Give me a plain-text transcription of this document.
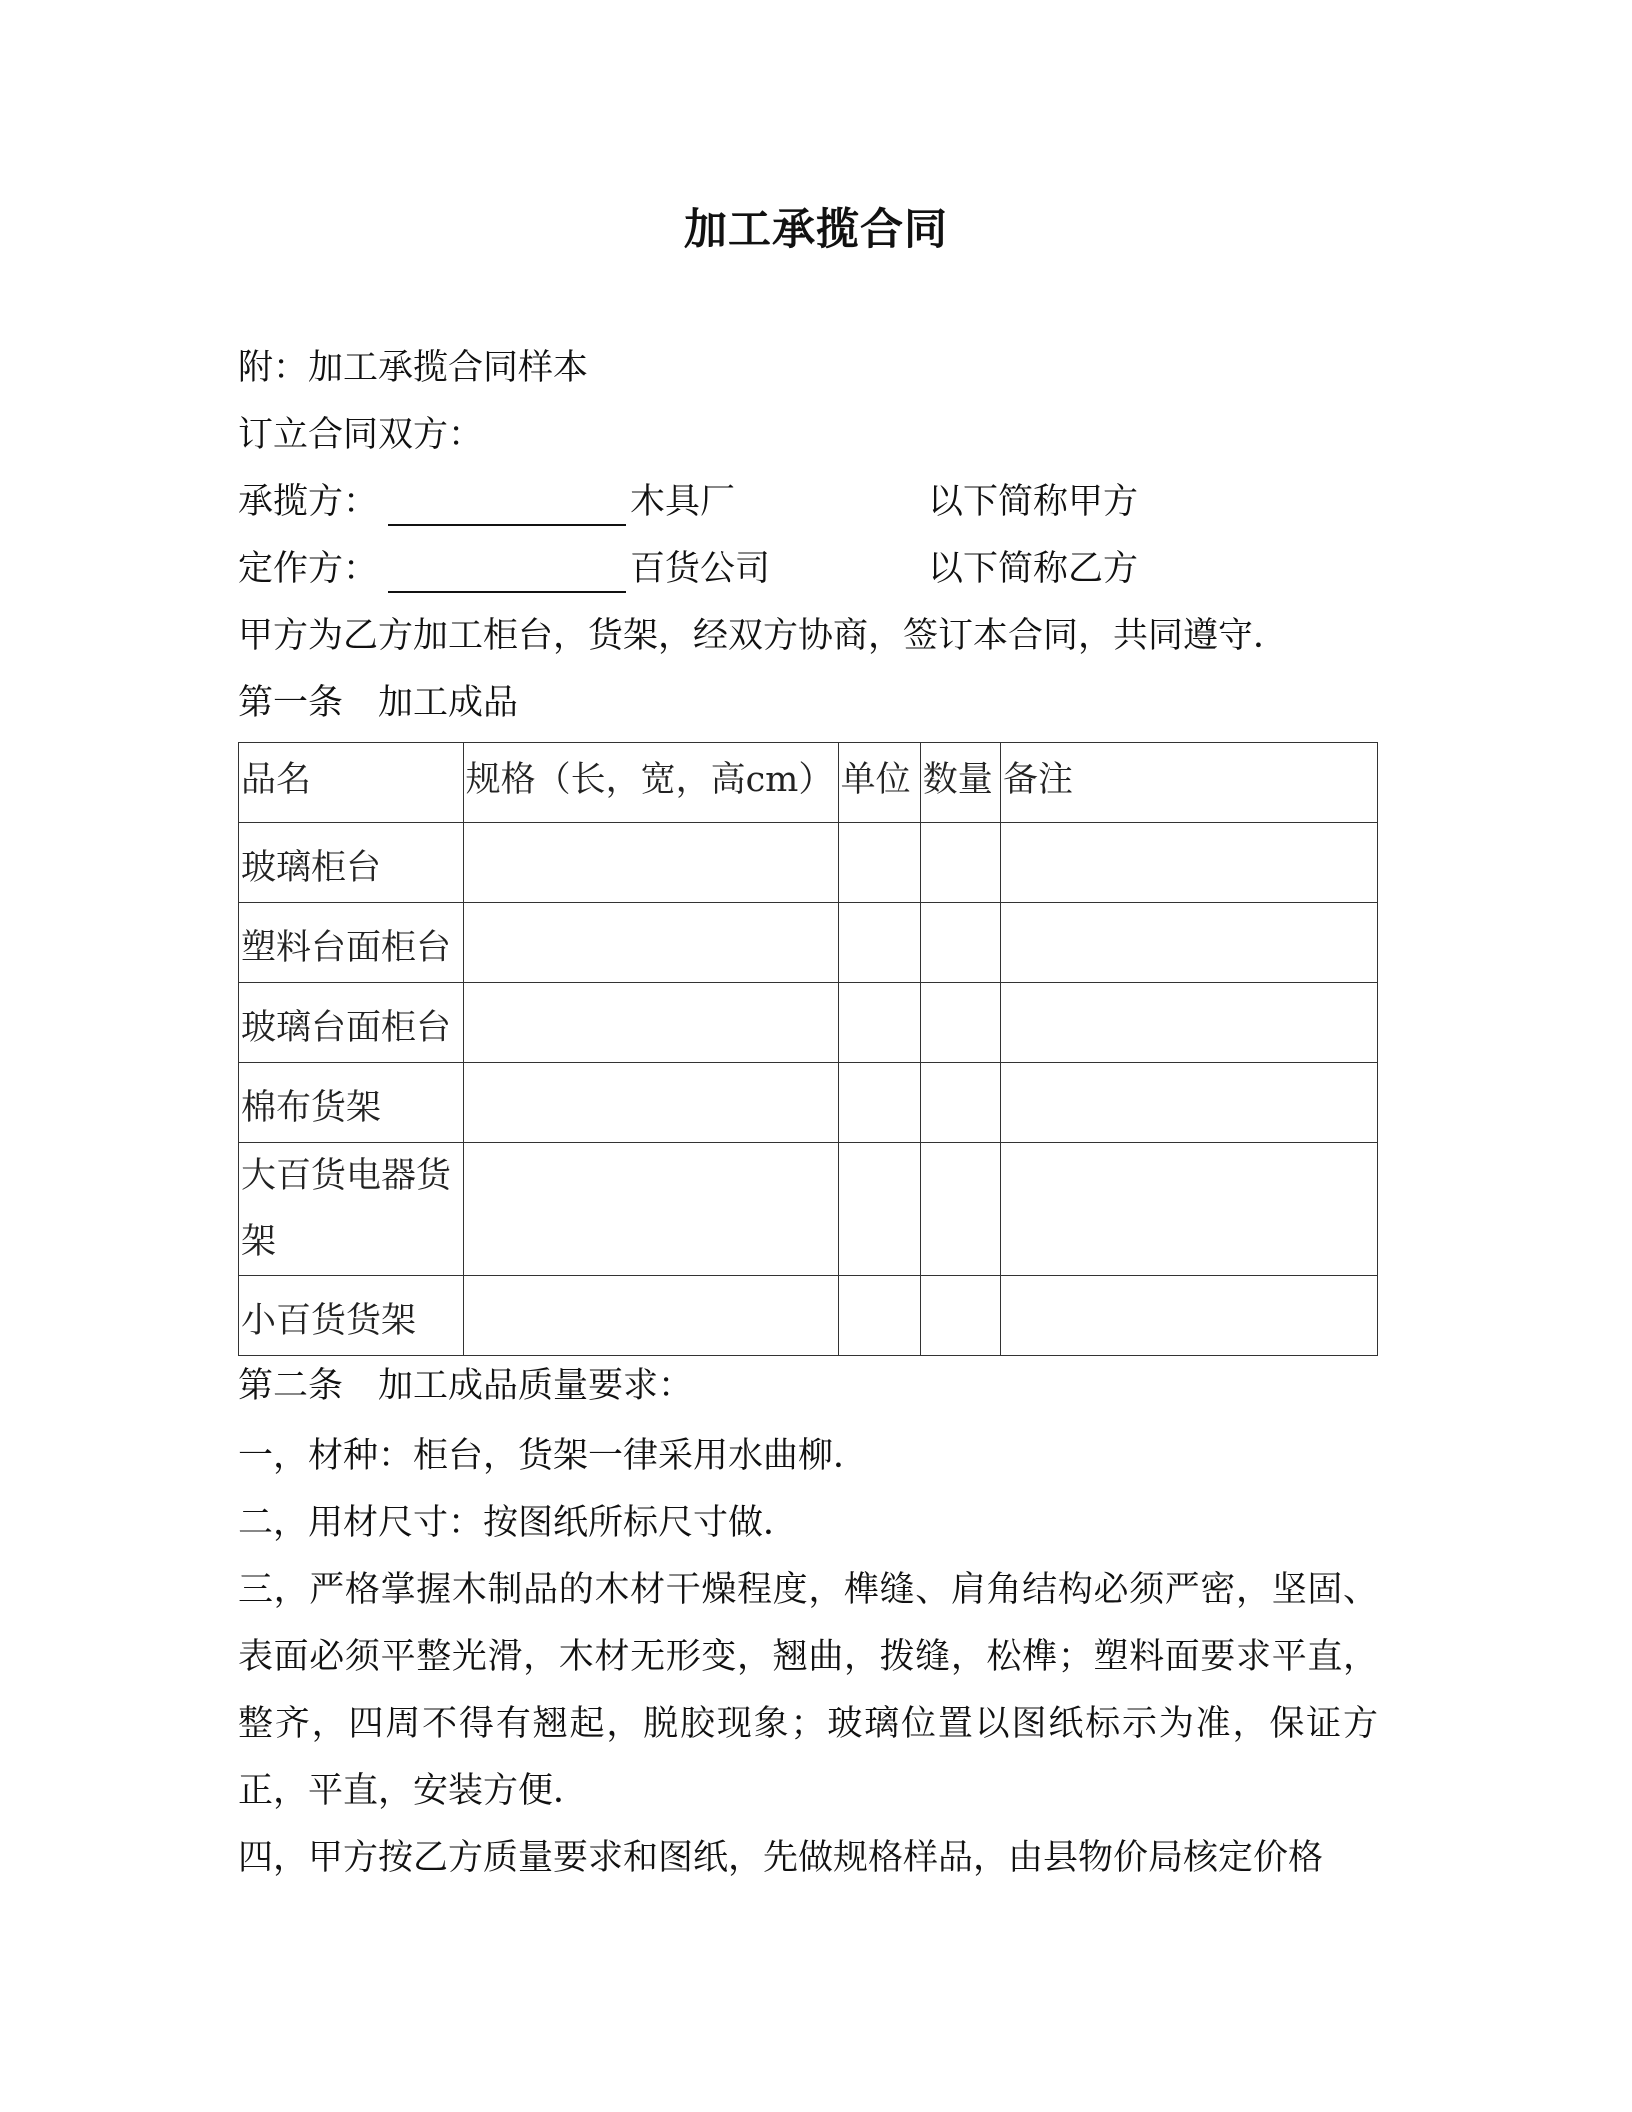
加工承揽合同
附：加工承揽合同样本
订立合同双方：
承揽方：	木具厂	以下简称甲方
定作方：	百货公司	以下简称乙方
甲方为乙方加工柜台，货架，经双方协商，签订本合同，共同遵守．
第一条　加工成品
品名	规格（长，宽，高cm）	单位	数量	备注
玻璃柜台				
塑料台面柜台				
玻璃台面柜台				
棉布货架				
大百货电器货架				
小百货货架				
第二条　加工成品质量要求：
一，材种：柜台，货架一律采用水曲柳．
二，用材尺寸：按图纸所标尺寸做．
三，严格掌握木制品的木材干燥程度，榫缝、肩角结构必须严密，坚固、表面必须平整光滑，木材无形变，翘曲，拨缝，松榫；塑料面要求平直，整齐，四周不得有翘起，脱胶现象；玻璃位置以图纸标示为准，保证方正，平直，安装方便．
四，甲方按乙方质量要求和图纸，先做规格样品，由县物价局核定价格
